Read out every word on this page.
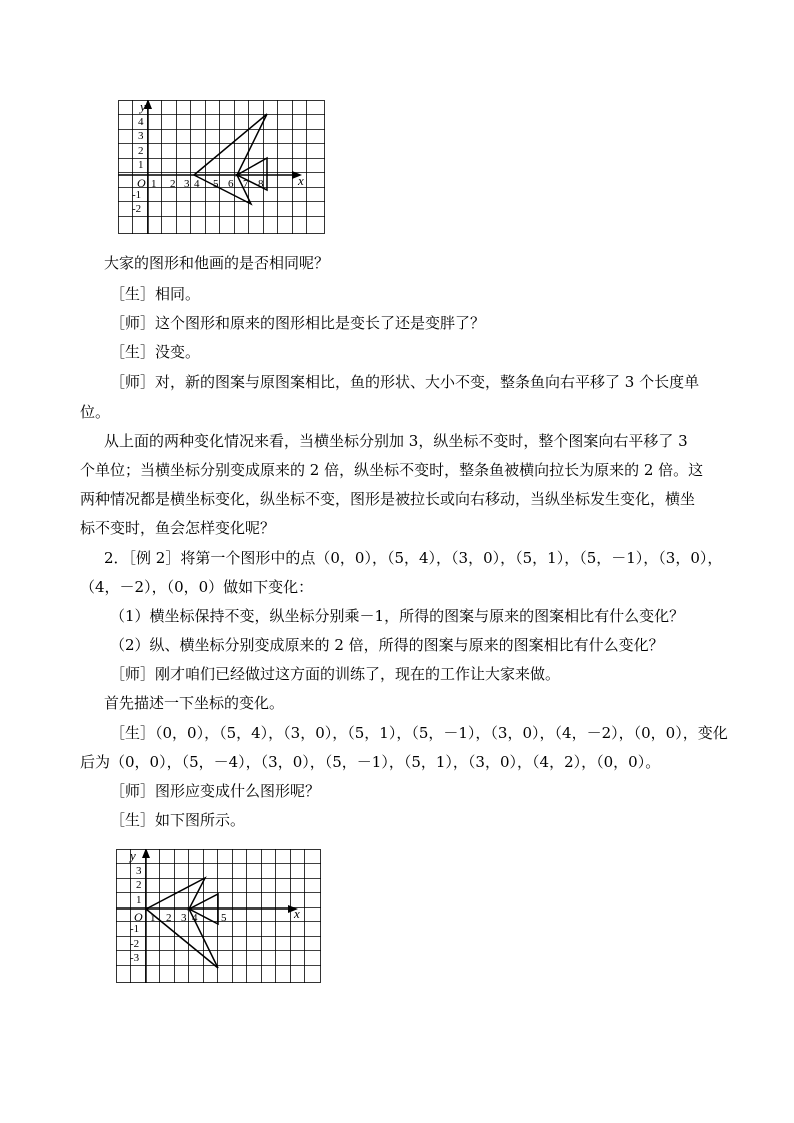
y
x
O 1 2 3 4 5 6 7 8
4
3
2
1
-1
-2

大家的图形和他画的是否相同呢？

［生］相同。

［师］这个图形和原来的图形相比是变长了还是变胖了？

［生］没变。

［师］对，新的图案与原图案相比，鱼的形状、大小不变，整条鱼向右平移了 3 个长度单

位。

从上面的两种变化情况来看，当横坐标分别加 3，纵坐标不变时，整个图案向右平移了 3

个单位；当横坐标分别变成原来的 2 倍，纵坐标不变时，整条鱼被横向拉长为原来的 2 倍。这

两种情况都是横坐标变化，纵坐标不变，图形是被拉长或向右移动，当纵坐标发生变化，横坐

标不变时，鱼会怎样变化呢？

2．［例 2］将第一个图形中的点（0，0），（5，4），（3，0），（5，1），（5，－1），（3，0），

（4，－2），（0，0）做如下变化：

（1）横坐标保持不变，纵坐标分别乘－1，所得的图案与原来的图案相比有什么变化？

（2）纵、横坐标分别变成原来的 2 倍，所得的图案与原来的图案相比有什么变化？

［师］刚才咱们已经做过这方面的训练了，现在的工作让大家来做。

首先描述一下坐标的变化。

［生］（0，0），（5，4），（3，0），（5，1），（5，－1），（3，0），（4，－2），（0，0），变化

后为（0，0），（5，－4），（3，0），（5，－1），（5，1），（3，0），（4，2），（0，0）。

［师］图形应变成什么图形呢？

［生］如下图所示。

y
x
O 1 2 3 4 5
3
2
1
-1
-2
-3
